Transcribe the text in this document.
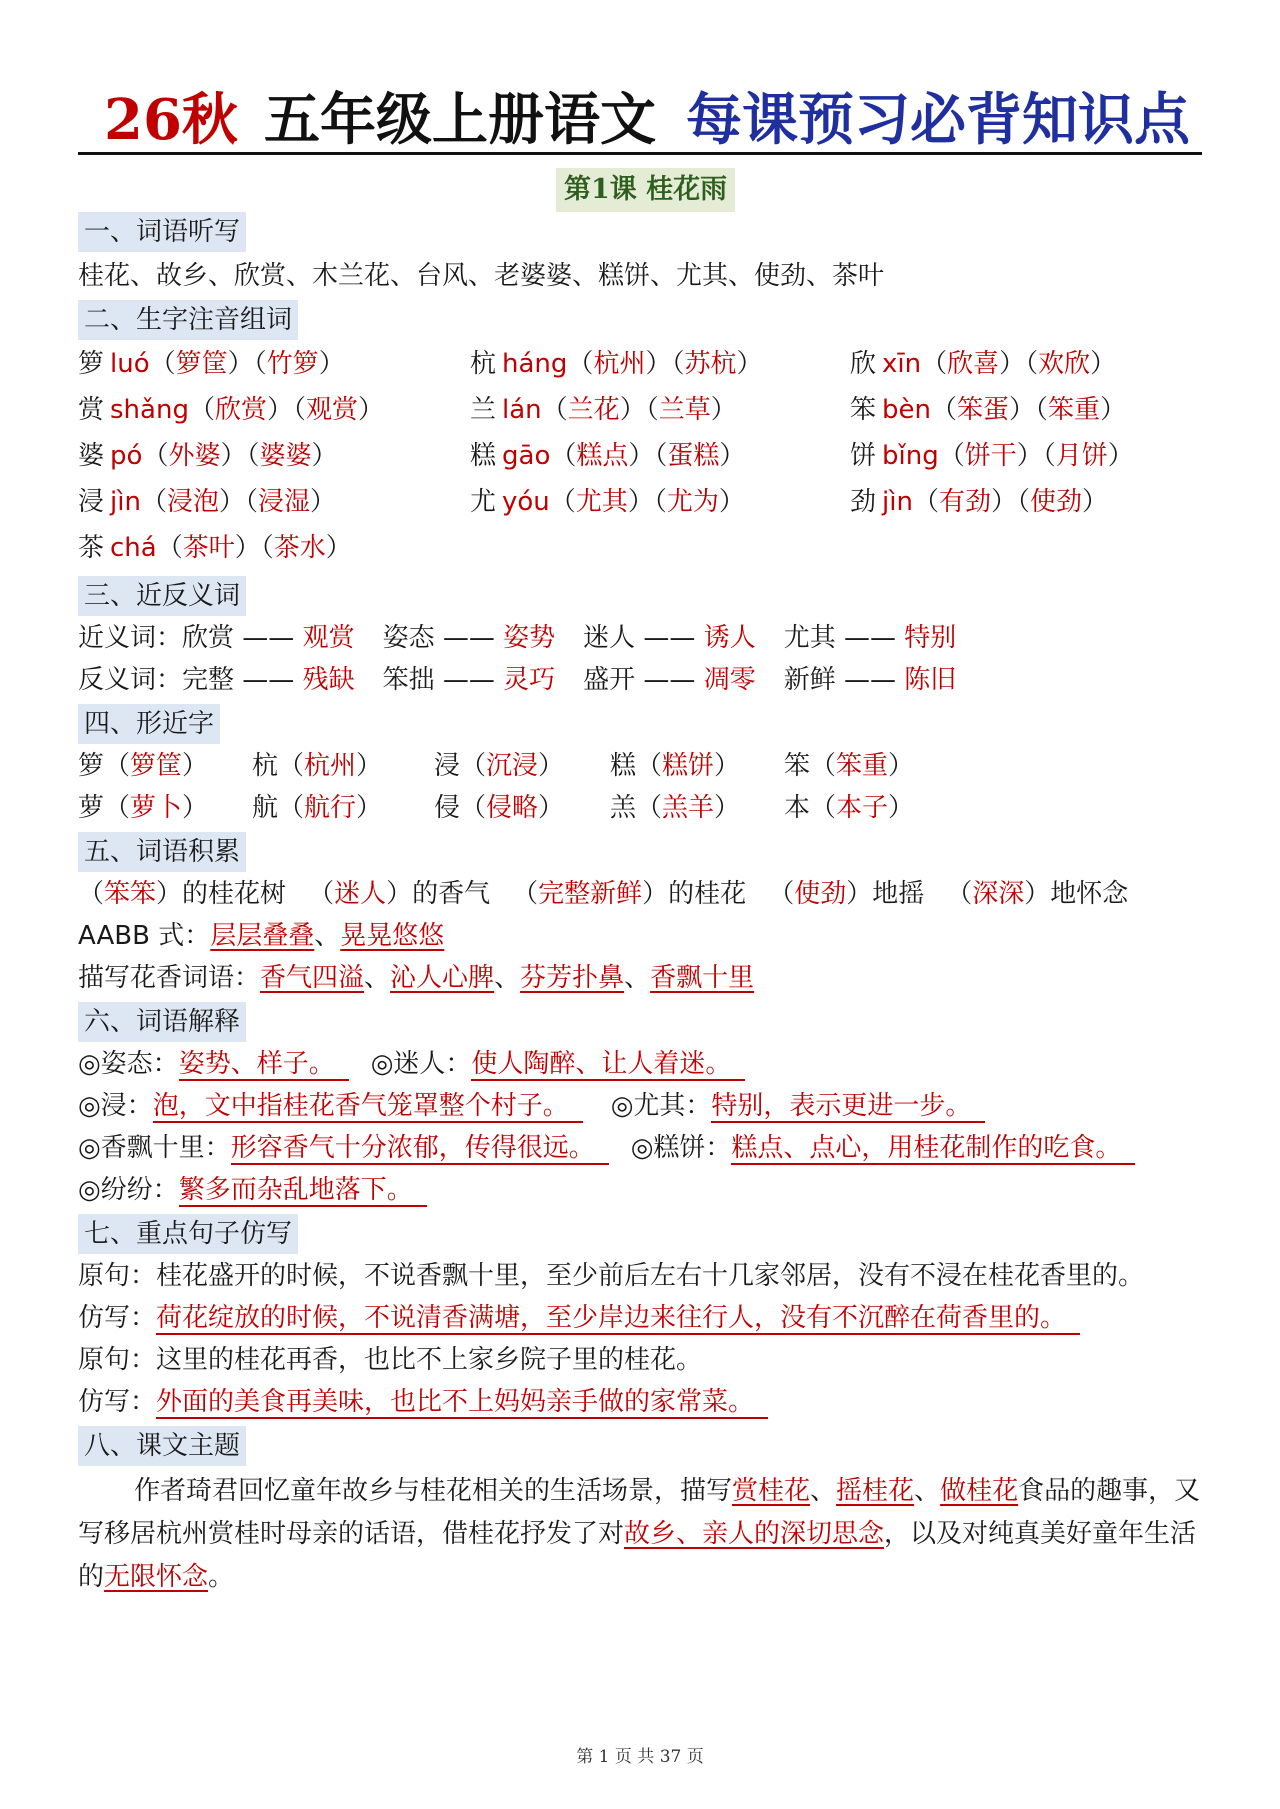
26秋 五年级上册语文 每课预习必背知识点
第1课 桂花雨
一、词语听写
桂花、故乡、欣赏、木兰花、台风、老婆婆、糕饼、尤其、使劲、茶叶
二、生字注音组词
箩 luó（箩筐）（竹箩）	杭 háng（杭州）（苏杭）	欣 xīn（欣喜）（欢欣）
赏 shǎng（欣赏）（观赏）	兰 lán（兰花）（兰草）	笨 bèn（笨蛋）（笨重）
婆 pó（外婆）（婆婆）	糕 gāo（糕点）（蛋糕）	饼 bǐng（饼干）（月饼）
浸 jìn（浸泡）（浸湿）	尤 yóu（尤其）（尤为）	劲 jìn（有劲）（使劲）
茶 chá（茶叶）（茶水）
三、近反义词
近义词：欣赏 —— 观赏 姿态 —— 姿势 迷人 —— 诱人 尤其 —— 特别
反义词：完整 —— 残缺 笨拙 —— 灵巧 盛开 —— 凋零 新鲜 —— 陈旧
四、形近字
箩（箩筐） 杭（杭州） 浸（沉浸） 糕（糕饼） 笨（笨重）
萝（萝卜） 航（航行） 侵（侵略） 羔（羔羊） 本（本子）
五、词语积累
（笨笨）的桂花树 （迷人）的香气 （完整新鲜）的桂花 （使劲）地摇 （深深）地怀念
AABB 式：层层叠叠、晃晃悠悠
描写花香词语：香气四溢、沁人心脾、芬芳扑鼻、香飘十里
六、词语解释
◎姿态：姿势、样子。 ◎迷人：使人陶醉、让人着迷。
◎浸：泡，文中指桂花香气笼罩整个村子。 ◎尤其：特别，表示更进一步。
◎香飘十里：形容香气十分浓郁，传得很远。 ◎糕饼：糕点、点心，用桂花制作的吃食。
◎纷纷：繁多而杂乱地落下。
七、重点句子仿写
原句：桂花盛开的时候，不说香飘十里，至少前后左右十几家邻居，没有不浸在桂花香里的。
仿写：荷花绽放的时候，不说清香满塘，至少岸边来往行人，没有不沉醉在荷香里的。
原句：这里的桂花再香，也比不上家乡院子里的桂花。
仿写：外面的美食再美味，也比不上妈妈亲手做的家常菜。
八、课文主题

作者琦君回忆童年故乡与桂花相关的生活场景，描写赏桂花、摇桂花、做桂花食品的趣事，又写移居杭州赏桂时母亲的话语，借桂花抒发了对故乡、亲人的深切思念，以及对纯真美好童年生活的无限怀念。

第 1 页 共 37 页
